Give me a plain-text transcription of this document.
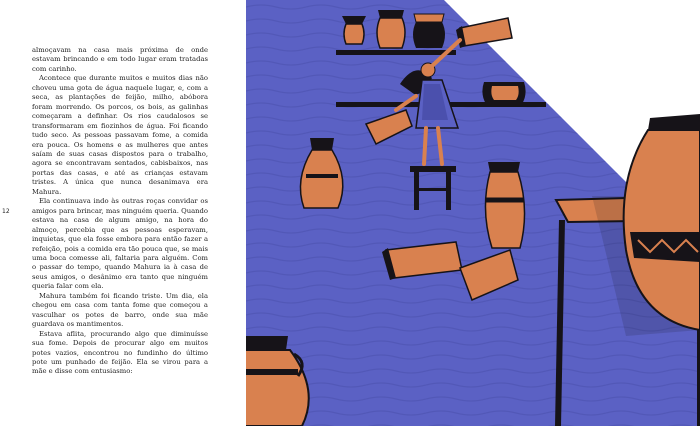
12

almoçavam na casa mais próxima de onde estavam brincando e em todo lugar eram tratadas com carinho.

Acontece que durante muitos e muitos dias não choveu uma gota de água naquele lugar, e, com a seca, as plantações de feijão, milho, abóbora foram morrendo. Os porcos, os bois, as galinhas começaram a definhar. Os rios caudalosos se transformaram em fiozinhos de água. Foi ficando tudo seco. As pessoas passavam fome, a comida era pouca. Os homens e as mulheres que antes saíam de suas casas dispostos para o trabalho, agora se encontravam sentados, cabisbaixos, nas portas das casas, e até as crianças estavam tristes. A única que nunca desanimava era Mahura.

Ela continuava indo às outras roças convidar os amigos para brincar, mas ninguém queria. Quando estava na casa de algum amigo, na hora do almoço, percebia que as pessoas esperavam, inquietas, que ela fosse embora para então fazer a refeição, pois a comida era tão pouca que, se mais uma boca comesse ali, faltaria para alguém. Com o passar do tempo, quando Mahura ia à casa de seus amigos, o desânimo era tanto que ninguém queria falar com ela.

Mahura também foi ficando triste. Um dia, ela chegou em casa com tanta fome que começou a vasculhar os potes de barro, onde sua mãe guardava os mantimentos.

Estava aflita, procurando algo que diminuísse sua fome. Depois de procurar algo em muitos potes vazios, encontrou no fundinho do último pote um punhado de feijão. Ela se virou para a mãe e disse com entusiasmo:
